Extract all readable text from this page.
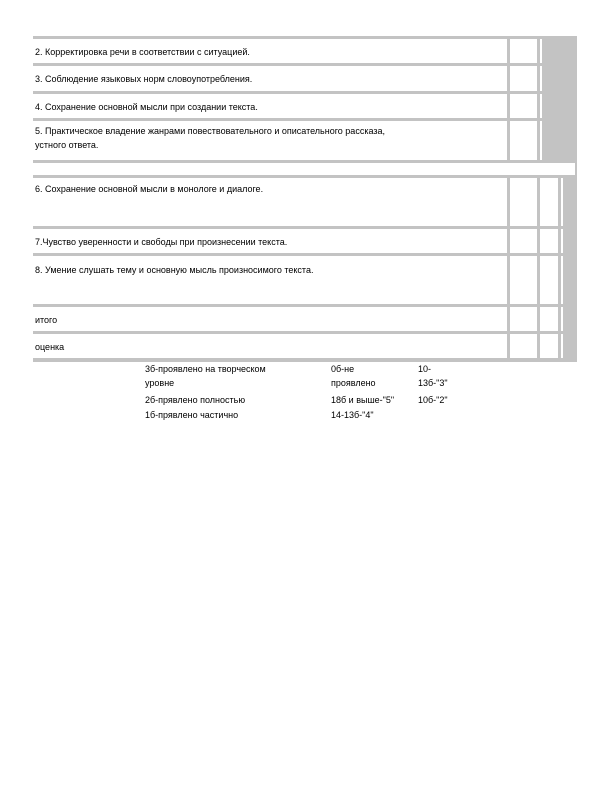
2. Корректировка речи в соответствии с ситуацией.
3. Соблюдение языковых норм словоупотребления.
4. Сохранение основной мысли при создании текста.
5. Практическое владение жанрами повествовательного и описательного рассказа,
устного ответа.
6. Сохранение основной мысли в монологе и диалоге.
7.Чувство уверенности и свободы при произнесении текста.
8. Умение слушать тему и основную мысль произносимого текста.
итого
оценка
3б-проявлено на творческом
уровне
2б-прявлено полностью
1б-прявлено частично
0б-не
проявлено
18б и выше-"5"
14-13б-"4"
10-
13б-"3"
10б-"2"
